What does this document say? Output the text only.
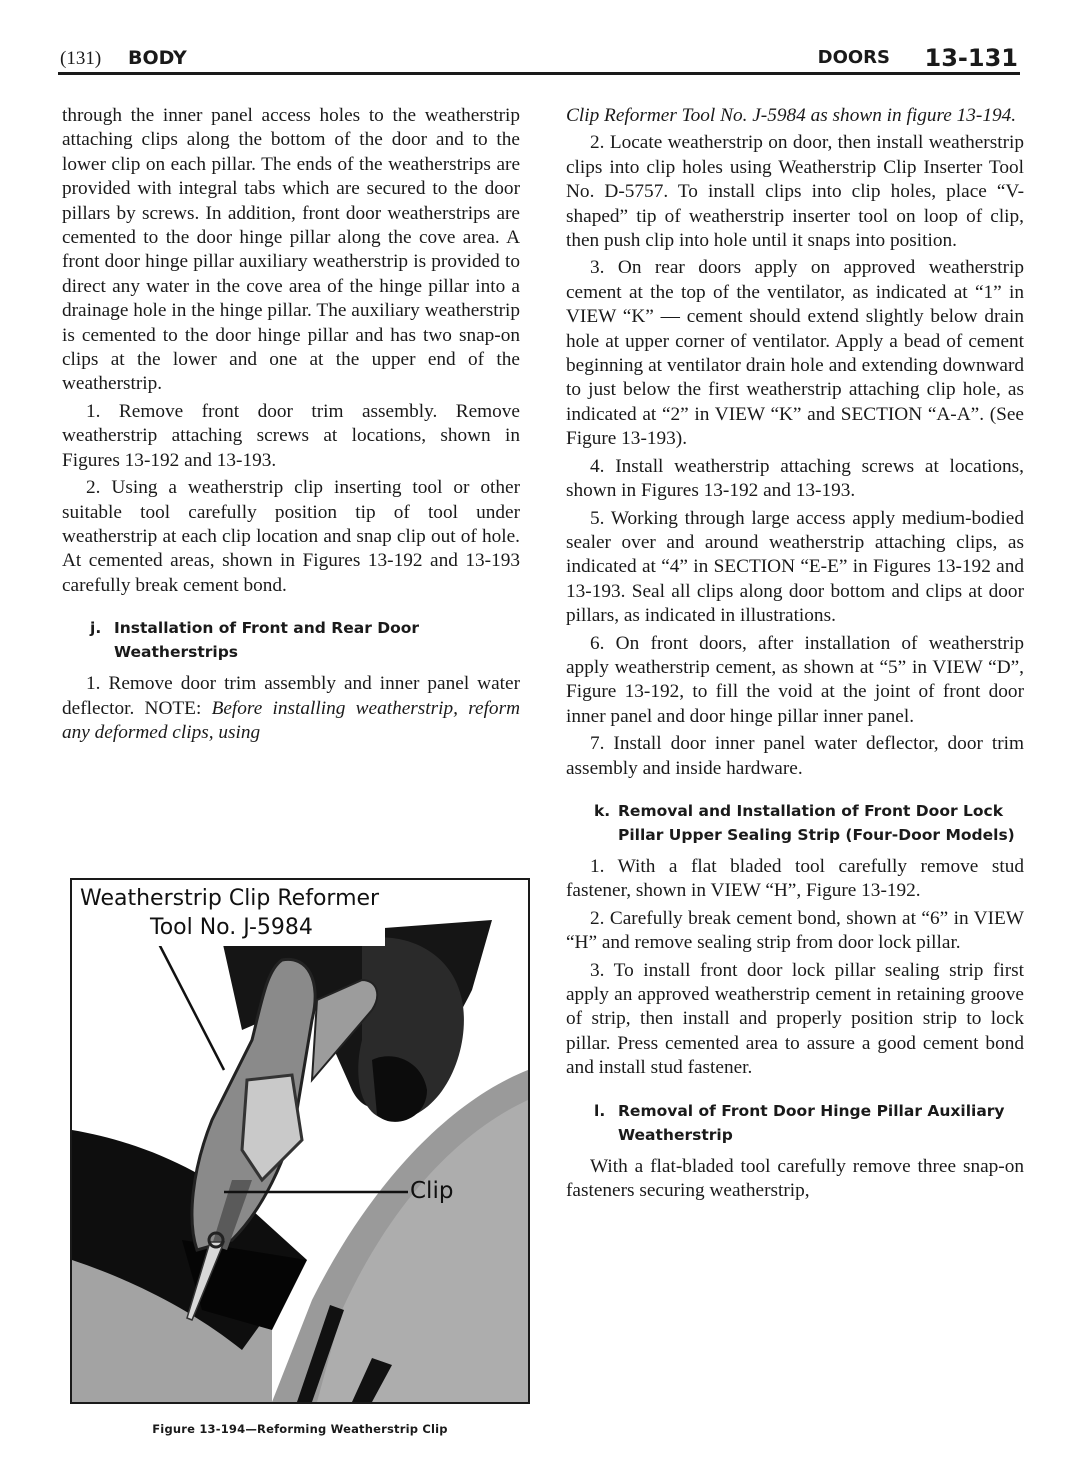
(131) BODY	DOORS 13-131

through the inner panel access holes to the weatherstrip attaching clips along the bottom of the door and to the lower clip on each pillar. The ends of the weatherstrips are provided with integral tabs which are secured to the door pillars by screws. In addition, front door weatherstrips are cemented to the door hinge pillar along the cove area. A front door hinge pillar auxiliary weatherstrip is provided to direct any water in the cove area of the hinge pillar into a drainage hole in the hinge pillar. The auxiliary weatherstrip is cemented to the door hinge pillar and has two snap-on clips at the lower and one at the upper end of the weatherstrip.

1. Remove front door trim assembly. Remove weatherstrip attaching screws at locations, shown in Figures 13-192 and 13-193.

2. Using a weatherstrip clip inserting tool or other suitable tool carefully position tip of tool under weatherstrip at each clip location and snap clip out of hole. At cemented areas, shown in Figures 13-192 and 13-193 carefully break cement bond.

j. Installation of Front and Rear Door Weatherstrips

1. Remove door trim assembly and inner panel water deflector. NOTE: Before installing weatherstrip, reform any deformed clips, using

Weatherstrip Clip Reformer
Tool No. J-5984
Clip
Figure 13-194—Reforming Weatherstrip Clip

Clip Reformer Tool No. J-5984 as shown in figure 13-194.

2. Locate weatherstrip on door, then install weatherstrip clips into clip holes using Weatherstrip Clip Inserter Tool No. D-5757. To install clips into clip holes, place “V-shaped” tip of weatherstrip inserter tool on loop of clip, then push clip into hole until it snaps into position.

3. On rear doors apply on approved weatherstrip cement at the top of the ventilator, as indicated at “1” in VIEW “K” — cement should extend slightly below drain hole at upper corner of ventilator. Apply a bead of cement beginning at ventilator drain hole and extending downward to just below the first weatherstrip attaching clip hole, as indicated at “2” in VIEW “K” and SECTION “A-A”. (See Figure 13-193).

4. Install weatherstrip attaching screws at locations, shown in Figures 13-192 and 13-193.

5. Working through large access apply medium-bodied sealer over and around weatherstrip attaching clips, as indicated at “4” in SECTION “E-E” in Figures 13-192 and 13-193. Seal all clips along door bottom and clips at door pillars, as indicated in illustrations.

6. On front doors, after installation of weatherstrip apply weatherstrip cement, as shown at “5” in VIEW “D”, Figure 13-192, to fill the void at the joint of front door inner panel and door hinge pillar inner panel.

7. Install door inner panel water deflector, door trim assembly and inside hardware.

k. Removal and Installation of Front Door Lock Pillar Upper Sealing Strip (Four-Door Models)

1. With a flat bladed tool carefully remove stud fastener, shown in VIEW “H”, Figure 13-192.

2. Carefully break cement bond, shown at “6” in VIEW “H” and remove sealing strip from door lock pillar.

3. To install front door lock pillar sealing strip first apply an approved weatherstrip cement in retaining groove of strip, then install and properly position strip to lock pillar. Press cemented area to assure a good cement bond and install stud fastener.

l. Removal of Front Door Hinge Pillar Auxiliary Weatherstrip

With a flat-bladed tool carefully remove three snap-on fasteners securing weatherstrip,
